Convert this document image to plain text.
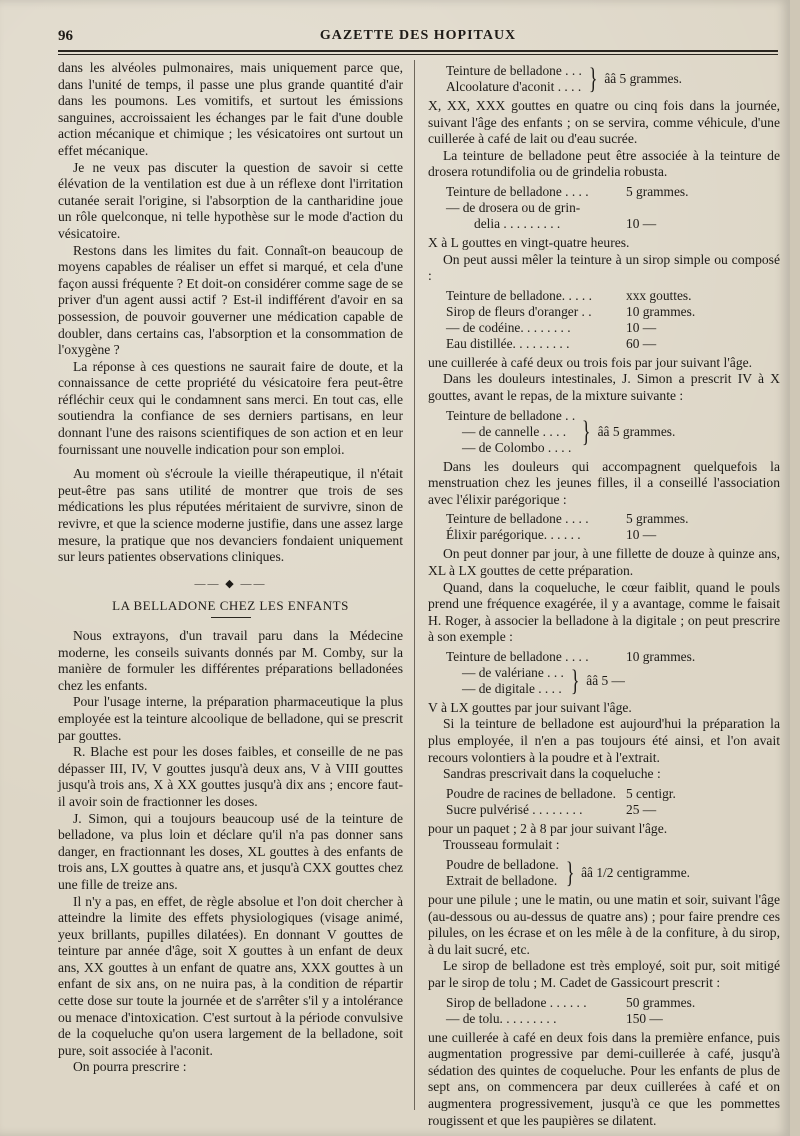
96	GAZETTE DES HOPITAUX

dans les alvéoles pulmonaires, mais uniquement parce que, dans l'unité de temps, il passe une plus grande quantité d'air dans les poumons. Les vomitifs, et surtout les émissions sanguines, accroissaient les échanges par le fait d'une double action mécanique et chimique ; les vésicatoires ont surtout un effet mécanique.

Je ne veux pas discuter la question de savoir si cette élévation de la ventilation est due à un réflexe dont l'irritation cutanée serait l'origine, si l'absorption de la cantharidine joue un rôle quelconque, ni telle hypothèse sur le mode d'action du vésicatoire.

Restons dans les limites du fait. Connaît-on beaucoup de moyens capables de réaliser un effet si marqué, et cela d'une façon aussi fréquente ? Et doit-on considérer comme sage de se priver d'un agent aussi actif ? Est-il indifférent d'avoir en sa possession, de pouvoir gouverner une médication capable de doubler, dans certains cas, l'absorption et la consommation de l'oxygène ?

La réponse à ces questions ne saurait faire de doute, et la connaissance de cette propriété du vésicatoire fera peut-être réfléchir ceux qui le condamnent sans merci. En tout cas, elle soutiendra la confiance de ses derniers partisans, en leur donnant l'une des raisons scientifiques de son action et en leur fournissant une nouvelle indication pour son emploi.

Au moment où s'écroule la vieille thérapeutique, il n'était peut-être pas sans utilité de montrer que trois de ses médications les plus réputées méritaient de survivre, sinon de revivre, et que la science moderne justifie, dans une assez large mesure, la pratique que nos devanciers fondaient uniquement sur leurs patientes observations cliniques.

—— ◆ ——
LA BELLADONE CHEZ LES ENFANTS

Nous extrayons, d'un travail paru dans la Médecine moderne, les conseils suivants donnés par M. Comby, sur la manière de formuler les différentes préparations belladonées chez les enfants.

Pour l'usage interne, la préparation pharmaceutique la plus employée est la teinture alcoolique de belladone, qui se prescrit par gouttes.

R. Blache est pour les doses faibles, et conseille de ne pas dépasser III, IV, V gouttes jusqu'à deux ans, V à VIII gouttes jusqu'à trois ans, X à XX gouttes jusqu'à dix ans ; encore faut-il avoir soin de fractionner les doses.

J. Simon, qui a toujours beaucoup usé de la teinture de belladone, va plus loin et déclare qu'il n'a pas donner sans danger, en fractionnant les doses, XL gouttes à des enfants de trois ans, LX gouttes à quatre ans, et jusqu'à CXX gouttes chez une fille de treize ans.

Il n'y a pas, en effet, de règle absolue et l'on doit chercher à atteindre la limite des effets physiologiques (visage animé, yeux brillants, pupilles dilatées). En donnant V gouttes de teinture par année d'âge, soit X gouttes à un enfant de deux ans, XX gouttes à un enfant de quatre ans, XXX gouttes à un enfant de six ans, on ne nuira pas, à la condition de répartir cette dose sur toute la journée et de s'arrêter s'il y a intolérance ou menace d'intoxication. C'est surtout à la période convulsive de la coqueluche qu'on usera largement de la belladone, soit pure, soit associée à l'aconit.

On pourra prescrire :

Teinture de belladone . . .
Alcoolature d'aconit . . . . } ââ 5 grammes.

X, XX, XXX gouttes en quatre ou cinq fois dans la journée, suivant l'âge des enfants ; on se servira, comme véhicule, d'une cuillerée à café de lait ou d'eau sucrée.

La teinture de belladone peut être associée à la teinture de drosera rotundifolia ou de grindelia robusta.

Teinture de belladone . . . .	5 grammes.
— de drosera ou de grin-
delia . . . . . . . . .	10 —

X à L gouttes en vingt-quatre heures.

On peut aussi mêler la teinture à un sirop simple ou composé :

Teinture de belladone. . . . .	xxx gouttes.
Sirop de fleurs d'oranger . .	10 grammes.
— de codéine. . . . . . . .	10 —
Eau distillée. . . . . . . . .	60 —

une cuillerée à café deux ou trois fois par jour suivant l'âge.

Dans les douleurs intestinales, J. Simon a prescrit IV à X gouttes, avant le repas, de la mixture suivante :

Teinture de belladone . .
— de cannelle . . . .
— de Colombo . . . . } ââ 5 grammes.

Dans les douleurs qui accompagnent quelquefois la menstruation chez les jeunes filles, il a conseillé l'association avec l'élixir parégorique :

Teinture de belladone . . . .	5 grammes.
Élixir parégorique. . . . . .	10 —

On peut donner par jour, à une fillette de douze à quinze ans, XL à LX gouttes de cette préparation.

Quand, dans la coqueluche, le cœur faiblit, quand le pouls prend une fréquence exagérée, il y a avantage, comme le faisait H. Roger, à associer la belladone à la digitale ; on peut prescrire à son exemple :

Teinture de belladone . . . .	10 grammes.
— de valériane . . .
— de digitale . . . . } ââ 5 —

V à LX gouttes par jour suivant l'âge.

Si la teinture de belladone est aujourd'hui la préparation la plus employée, il n'en a pas toujours été ainsi, et l'on avait recours volontiers à la poudre et à l'extrait.

Sandras prescrivait dans la coqueluche :

Poudre de racines de belladone. 5 centigr.
Sucre pulvérisé . . . . . . . .	25 —

pour un paquet ; 2 à 8 par jour suivant l'âge.

Trousseau formulait :

Poudre de belladone.
Extrait de belladone. } ââ 1/2 centigramme.

pour une pilule ; une le matin, ou une matin et soir, suivant l'âge (au-dessous ou au-dessus de quatre ans) ; pour faire prendre ces pilules, on les écrase et on les mêle à de la confiture, à du sirop, à du lait sucré, etc.

Le sirop de belladone est très employé, soit pur, soit mitigé par le sirop de tolu ; M. Cadet de Gassicourt prescrit :

Sirop de belladone . . . . . .	50 grammes.
— de tolu. . . . . . . . .	150 —

une cuillerée à café en deux fois dans la première enfance, puis augmentation progressive par demi-cuillerée à café, jusqu'à sédation des quintes de coqueluche. Pour les enfants de plus de sept ans, on commencera par deux cuillerées à café et on augmentera progressivement, jusqu'à ce que les pommettes rougissent et que les paupières se dilatent.
